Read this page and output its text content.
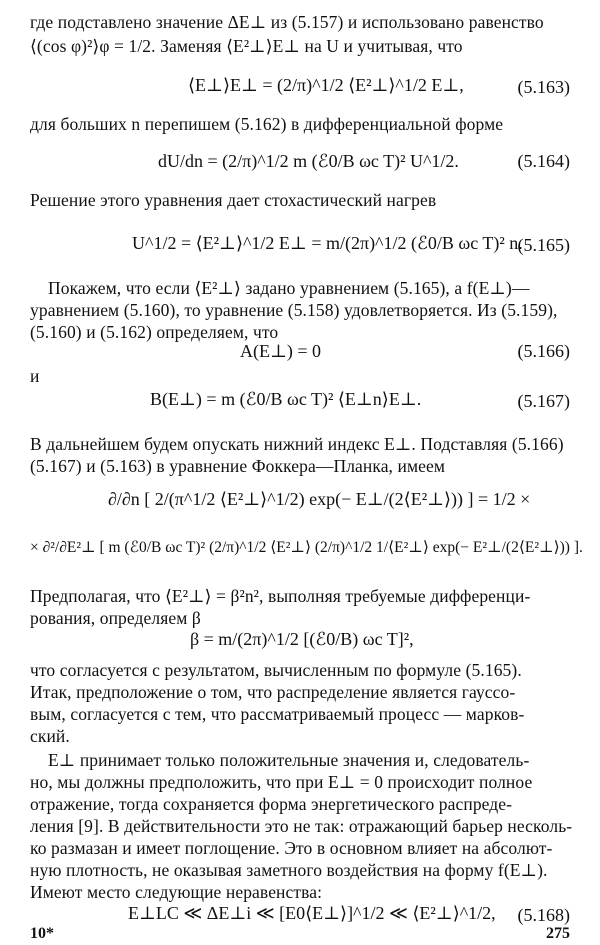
где подставлено значение ΔE⊥ из (5.157) и использовано равенство
⟨(cos φ)²⟩φ = 1/2. Заменяя ⟨E²⊥⟩E⊥ на U и учитывая, что
⟨E⊥⟩E⊥ = (2/π)^1/2 ⟨E²⊥⟩^1/2 E⊥,	(5.163)
для больших n перепишем (5.162) в дифференциальной форме
dU/dn = (2/π)^1/2 m (ℰ0/B ωc T)² U^1/2.	(5.164)
Решение этого уравнения дает стохастический нагрев
U^1/2 = ⟨E²⊥⟩^1/2 E⊥ = m/(2π)^1/2 (ℰ0/B ωc T)² n.
(5.165)
Покажем, что если ⟨E²⊥⟩ задано уравнением (5.165), а f(E⊥)—
уравнением (5.160), то уравнение (5.158) удовлетворяется. Из (5.159),
(5.160) и (5.162) определяем, что
A(E⊥) = 0	(5.166)
и
B(E⊥) = m (ℰ0/B ωc T)² ⟨E⊥n⟩E⊥.	(5.167)
В дальнейшем будем опускать нижний индекс E⊥. Подставляя (5.166)
(5.167) и (5.163) в уравнение Фоккера—Планка, имеем
∂/∂n [ 2/(π^1/2 ⟨E²⊥⟩^1/2) exp(− E⊥/(2⟨E²⊥⟩)) ] = 1/2 ×
× ∂²/∂E²⊥ [ m (ℰ0/B ωc T)² (2/π)^1/2 ⟨E²⊥⟩ (2/π)^1/2 1/⟨E²⊥⟩ exp(− E²⊥/(2⟨E²⊥⟩)) ].
Предполагая, что ⟨E²⊥⟩ = β²n², выполняя требуемые дифференци-
рования, определяем β
β = m/(2π)^1/2 [(ℰ0/B) ωc T]²,
что согласуется с результатом, вычисленным по формуле (5.165).
Итак, предположение о том, что распределение является гауссо-
вым, согласуется с тем, что рассматриваемый процесс — марков-
ский.
E⊥ принимает только положительные значения и, следователь-
но, мы должны предположить, что при E⊥ = 0 происходит полное
отражение, тогда сохраняется форма энергетического распреде-
ления [9]. В действительности это не так: отражающий барьер несколь-
ко размазан и имеет поглощение. Это в основном влияет на абсолют-
ную плотность, не оказывая заметного воздействия на форму f(E⊥).
Имеют место следующие неравенства:
E⊥LC ≪ ΔE⊥i ≪ [E0⟨E⊥⟩]^1/2 ≪ ⟨E²⊥⟩^1/2, (5.168)
10*	275
